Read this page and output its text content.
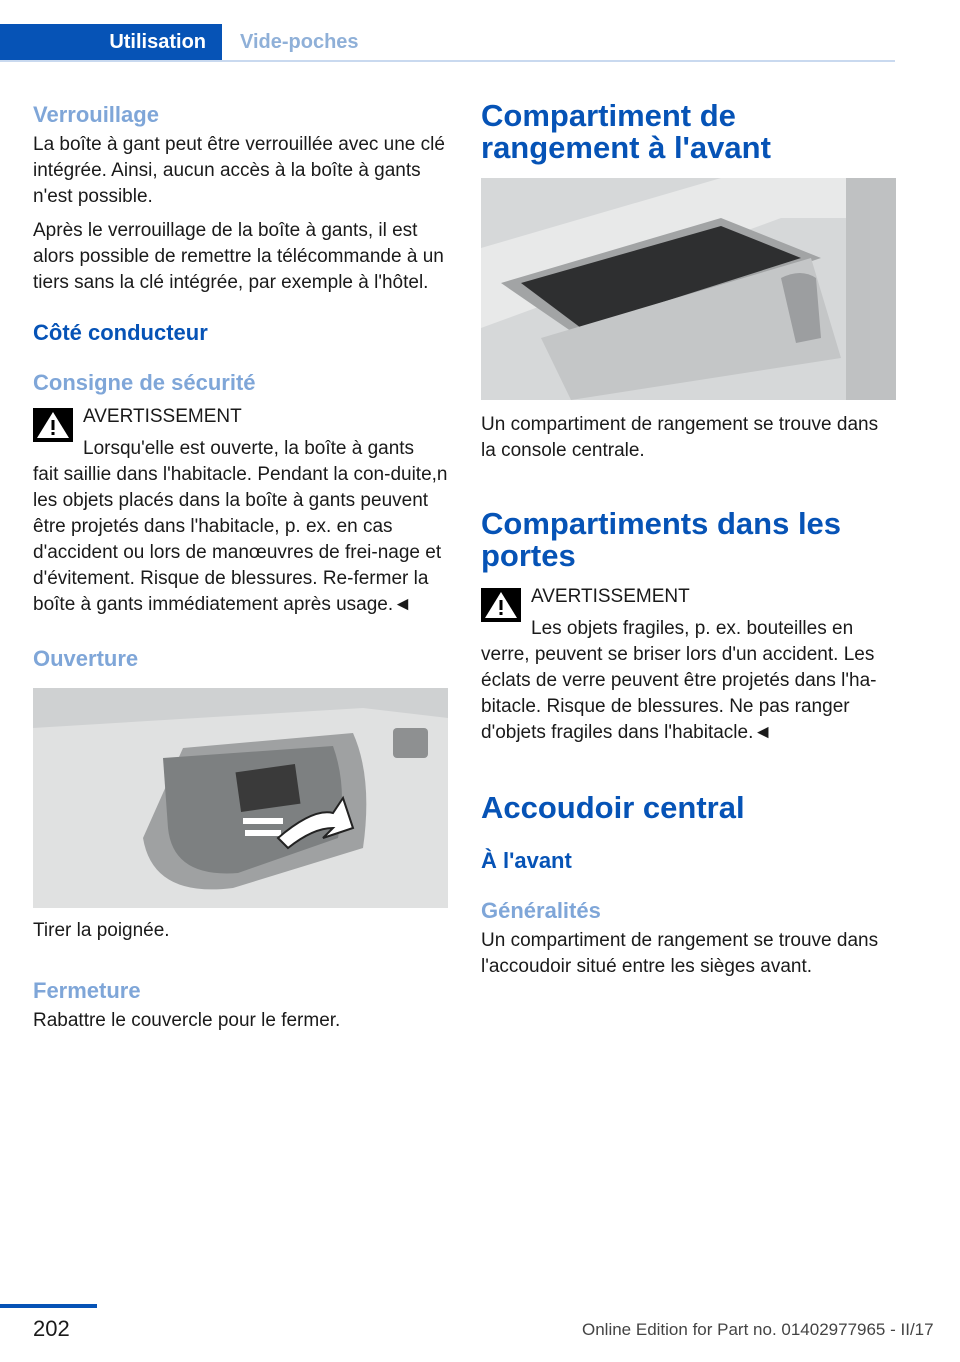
Utilisation	Vide-poches
Verrouillage

La boîte à gant peut être verrouillée avec une clé intégrée. Ainsi, aucun accès à la boîte à gants n'est possible.

Après le verrouillage de la boîte à gants, il est alors possible de remettre la télécommande à un tiers sans la clé intégrée, par exemple à l'hôtel.

Côté conducteur
Consigne de sécurité
AVERTISSEMENT

Lorsqu'elle est ouverte, la boîte à gants

fait saillie dans l'habitacle. Pendant la con-duite,n les objets placés dans la boîte à gants peuvent être projetés dans l'habitacle, p. ex. en cas d'accident ou lors de manœuvres de frei-nage et d'évitement. Risque de blessures. Re-fermer la boîte à gants immédiatement après usage.◄

Ouverture

Tirer la poignée.

Fermeture

Rabattre le couvercle pour le fermer.

Compartiment de rangement à l'avant

Un compartiment de rangement se trouve dans la console centrale.

Compartiments dans les portes
AVERTISSEMENT

Les objets fragiles, p. ex. bouteilles en

verre, peuvent se briser lors d'un accident. Les éclats de verre peuvent être projetés dans l'ha-bitacle. Risque de blessures. Ne pas ranger d'objets fragiles dans l'habitacle.◄

Accoudoir central
À l'avant
Généralités

Un compartiment de rangement se trouve dans l'accoudoir situé entre les sièges avant.

202	Online Edition for Part no. 01402977965 - II/17
